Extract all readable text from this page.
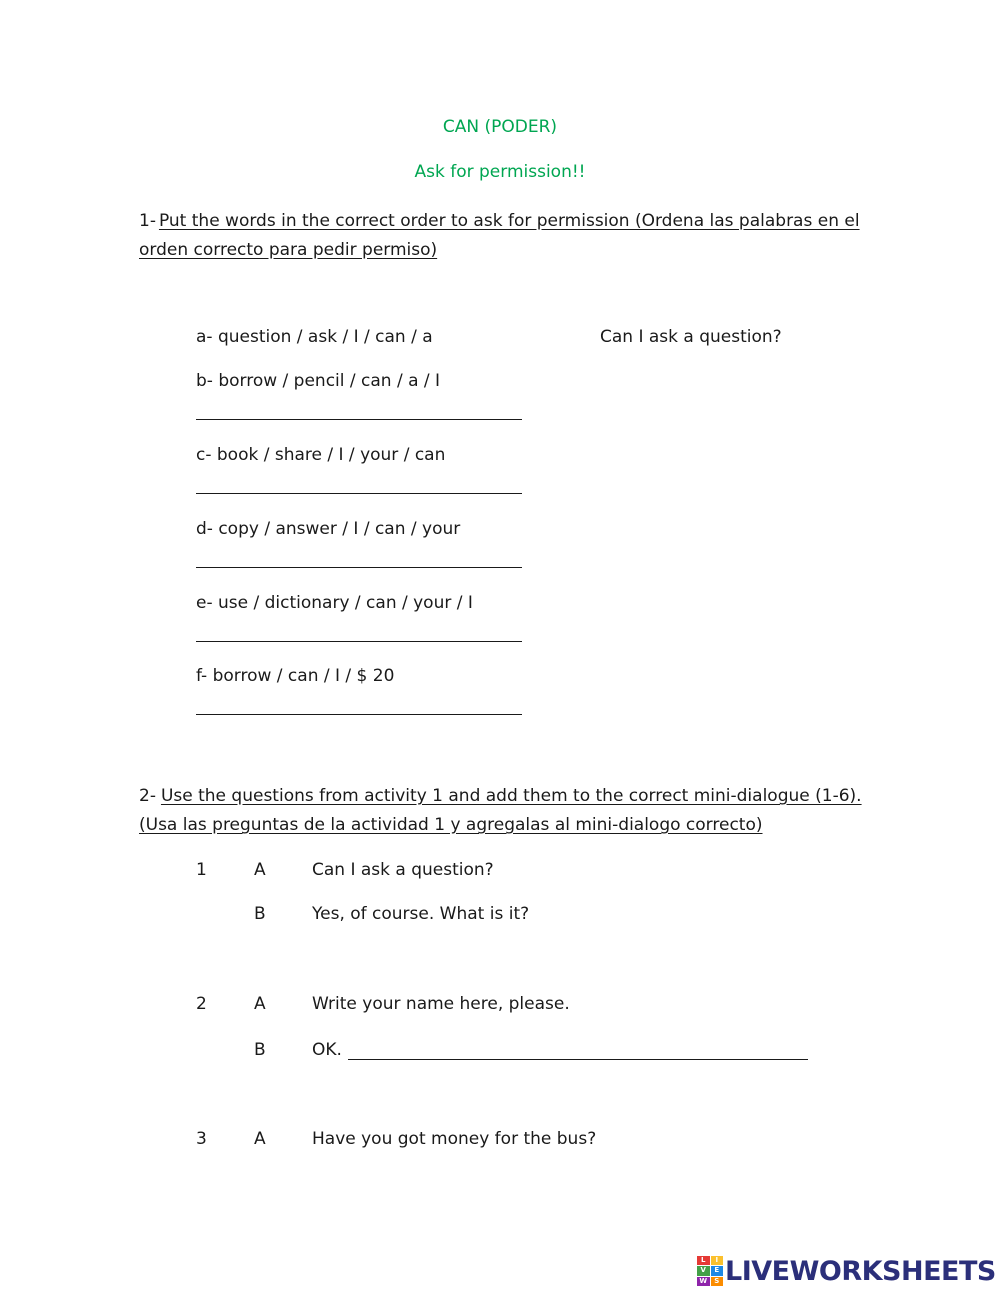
CAN (PODER)
Ask for permission!!
1- Put the words in the correct order to ask for permission (Ordena las palabras en el orden correcto para pedir permiso)
a- question / ask / I / can / a	Can I ask a question?
b- borrow / pencil / can / a / I
c- book / share / I / your / can
d- copy / answer / I / can / your
e- use / dictionary / can / your / I
f- borrow / can / I / $ 20
2- Use the questions from activity 1 and add them to the correct mini-dialogue (1-6).
(Usa las preguntas de la actividad 1 y agregalas al mini-dialogo correcto)
1	A	Can I ask a question?
B	Yes, of course. What is it?
2	A	Write your name here, please.
B	OK.
3	A	Have you got money for the bus?
L	I
V	E
W	S LIVEWORKSHEETS
